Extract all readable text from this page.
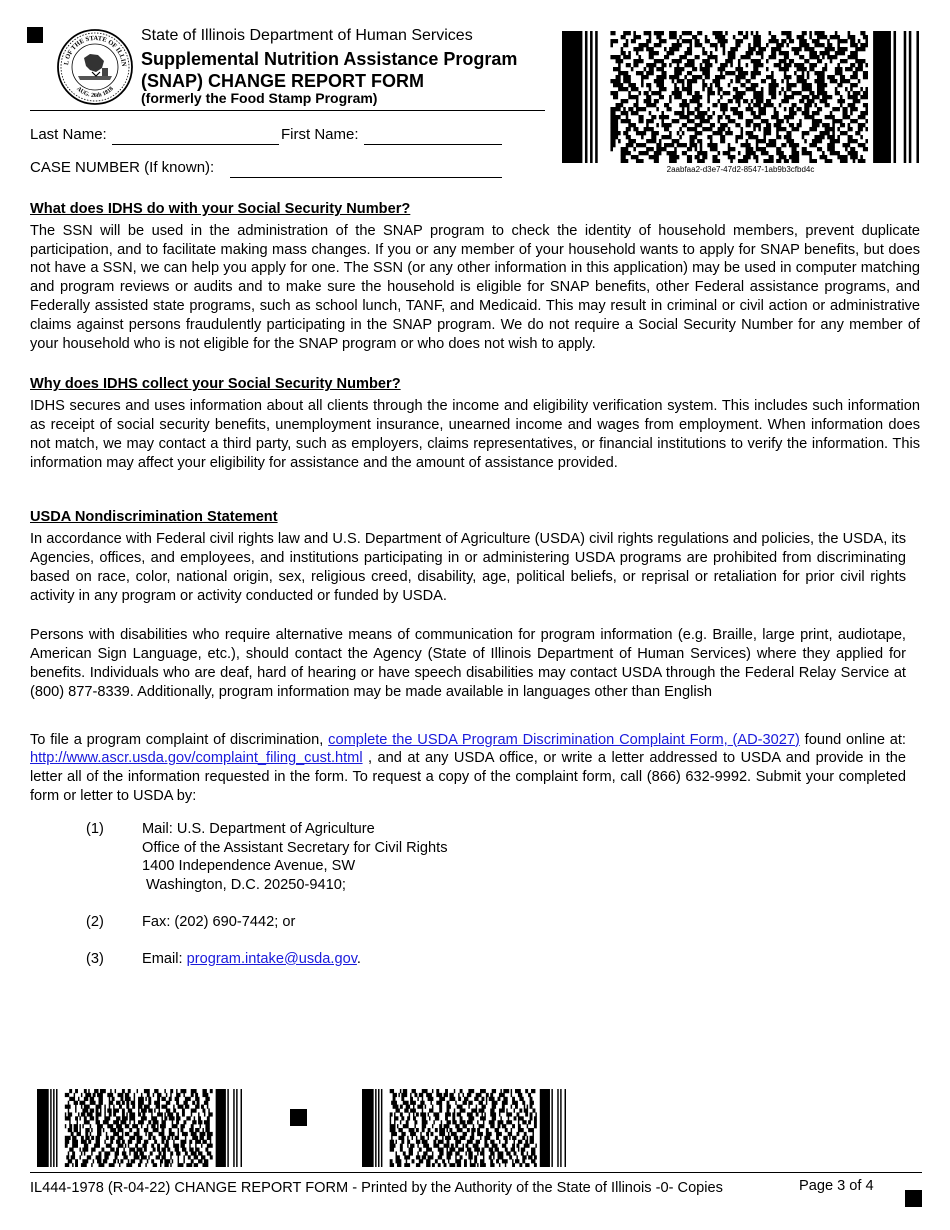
L OF THE STATE OF ILLIN
AUG. 26th 1818
State of Illinois Department of Human Services
Supplemental Nutrition Assistance Program
(SNAP) CHANGE REPORT FORM
(formerly the Food Stamp Program)
Last Name:	First Name:
CASE NUMBER (If known):	2aabfaa2-d3e7-47d2-8547-1ab9b3cfbd4c
What does IDHS do with your Social Security Number?

The SSN will be used in the administration of the SNAP program to check the identity of household members, prevent duplicate participation, and to facilitate making mass changes. If you or any member of your household wants to apply for SNAP benefits, but does not have a SSN, we can help you apply for one. The SSN (or any other information in this application) may be used in computer matching and program reviews or audits and to make sure the household is eligible for SNAP benefits, other Federal assistance programs, and Federally assisted state programs, such as school lunch, TANF, and Medicaid. This may result in criminal or civil action or administrative claims against persons fraudulently participating in the SNAP program. We do not require a Social Security Number for any member of your household who is not eligible for the SNAP program or who does not wish to apply.

Why does IDHS collect your Social Security Number?

IDHS secures and uses information about all clients through the income and eligibility verification system. This includes such information as receipt of social security benefits, unemployment insurance, unearned income and wages from employment. When information does not match, we may contact a third party, such as employers, claims representatives, or financial institutions to verify the information. This information may affect your eligibility for assistance and the amount of assistance provided.

USDA Nondiscrimination Statement

In accordance with Federal civil rights law and U.S. Department of Agriculture (USDA) civil rights regulations and policies, the USDA, its Agencies, offices, and employees, and institutions participating in or administering USDA programs are prohibited from discriminating based on race, color, national origin, sex, religious creed, disability, age, political beliefs, or reprisal or retaliation for prior civil rights activity in any program or activity conducted or funded by USDA.

Persons with disabilities who require alternative means of communication for program information (e.g. Braille, large print, audiotape, American Sign Language, etc.), should contact the Agency (State of Illinois Department of Human Services) where they applied for benefits. Individuals who are deaf, hard of hearing or have speech disabilities may contact USDA through the Federal Relay Service at (800) 877-8339. Additionally, program information may be made available in languages other than English

To file a program complaint of discrimination, complete the USDA Program Discrimination Complaint Form, (AD-3027) found online at: http://www.ascr.usda.gov/complaint_filing_cust.html , and at any USDA office, or write a letter addressed to USDA and provide in the letter all of the information requested in the form. To request a copy of the complaint form, call (866) 632-9992. Submit your completed form or letter to USDA by:

(1)	Mail: U.S. Department of Agriculture
Office of the Assistant Secretary for Civil Rights
1400 Independence Avenue, SW
Washington, D.C. 20250-9410;
(2)	Fax: (202) 690-7442; or
(3)	Email: program.intake@usda.gov.
IL444-1978 (R-04-22) CHANGE REPORT FORM - Printed by the Authority of the State of Illinois -0- Copies	Page 3 of 4
